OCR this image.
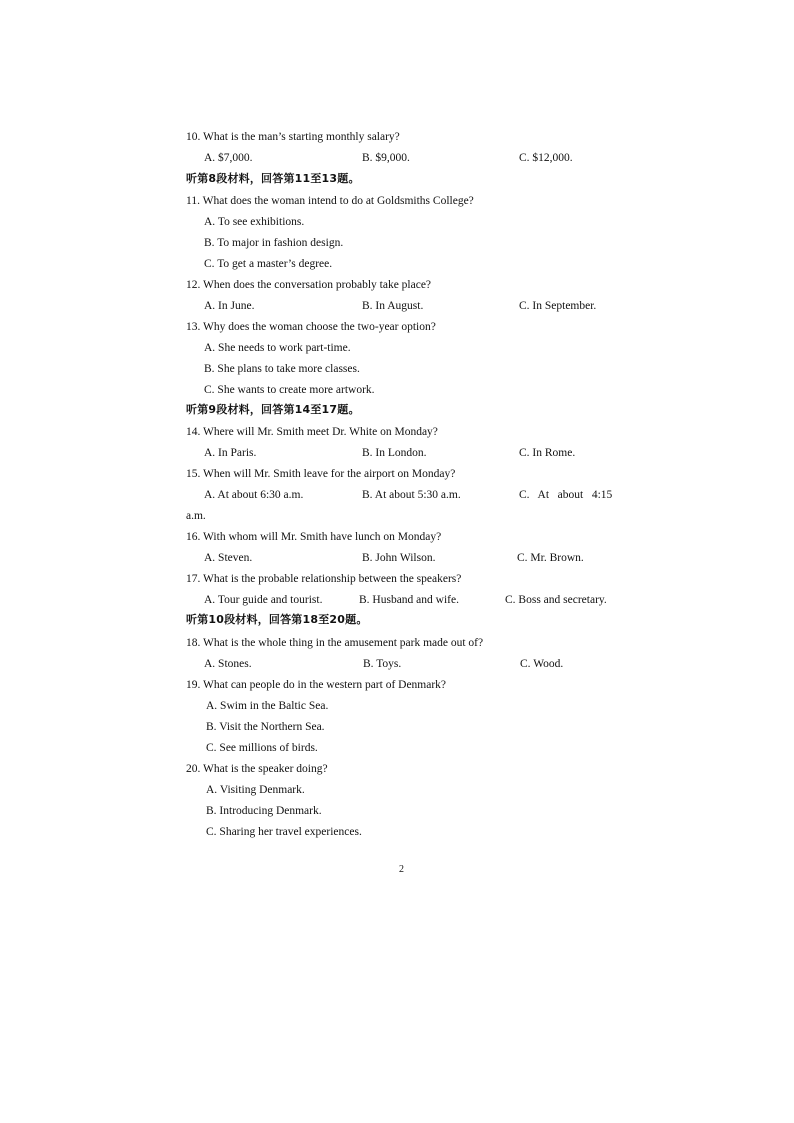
10. What is the man’s starting monthly salary?
A. $7,000.	B. $9,000.	C. $12,000.
听第8段材料，回答第11至13题。
11. What does the woman intend to do at Goldsmiths College?
A. To see exhibitions.
B. To major in fashion design.
C. To get a master’s degree.
12. When does the conversation probably take place?
A. In June.	B. In August.	C. In September.
13. Why does the woman choose the two-year option?
A. She needs to work part-time.
B. She plans to take more classes.
C. She wants to create more artwork.
听第9段材料，回答第14至17题。
14. Where will Mr. Smith meet Dr. White on Monday?
A. In Paris.	B. In London.	C. In Rome.
15. When will Mr. Smith leave for the airport on Monday?
A. At about 6:30 a.m.	B. At about 5:30 a.m.	C.   At   about   4:15
a.m.
16. With whom will Mr. Smith have lunch on Monday?
A. Steven.	B. John Wilson.	C. Mr. Brown.
17. What is the probable relationship between the speakers?
A. Tour guide and tourist.	B. Husband and wife.	C. Boss and secretary.
听第10段材料，回答第18至20题。
18. What is the whole thing in the amusement park made out of?
A. Stones.	B. Toys.	C. Wood.
19. What can people do in the western part of Denmark?
A. Swim in the Baltic Sea.
B. Visit the Northern Sea.
C. See millions of birds.
20. What is the speaker doing?
A. Visiting Denmark.
B. Introducing Denmark.
C. Sharing her travel experiences.
2
